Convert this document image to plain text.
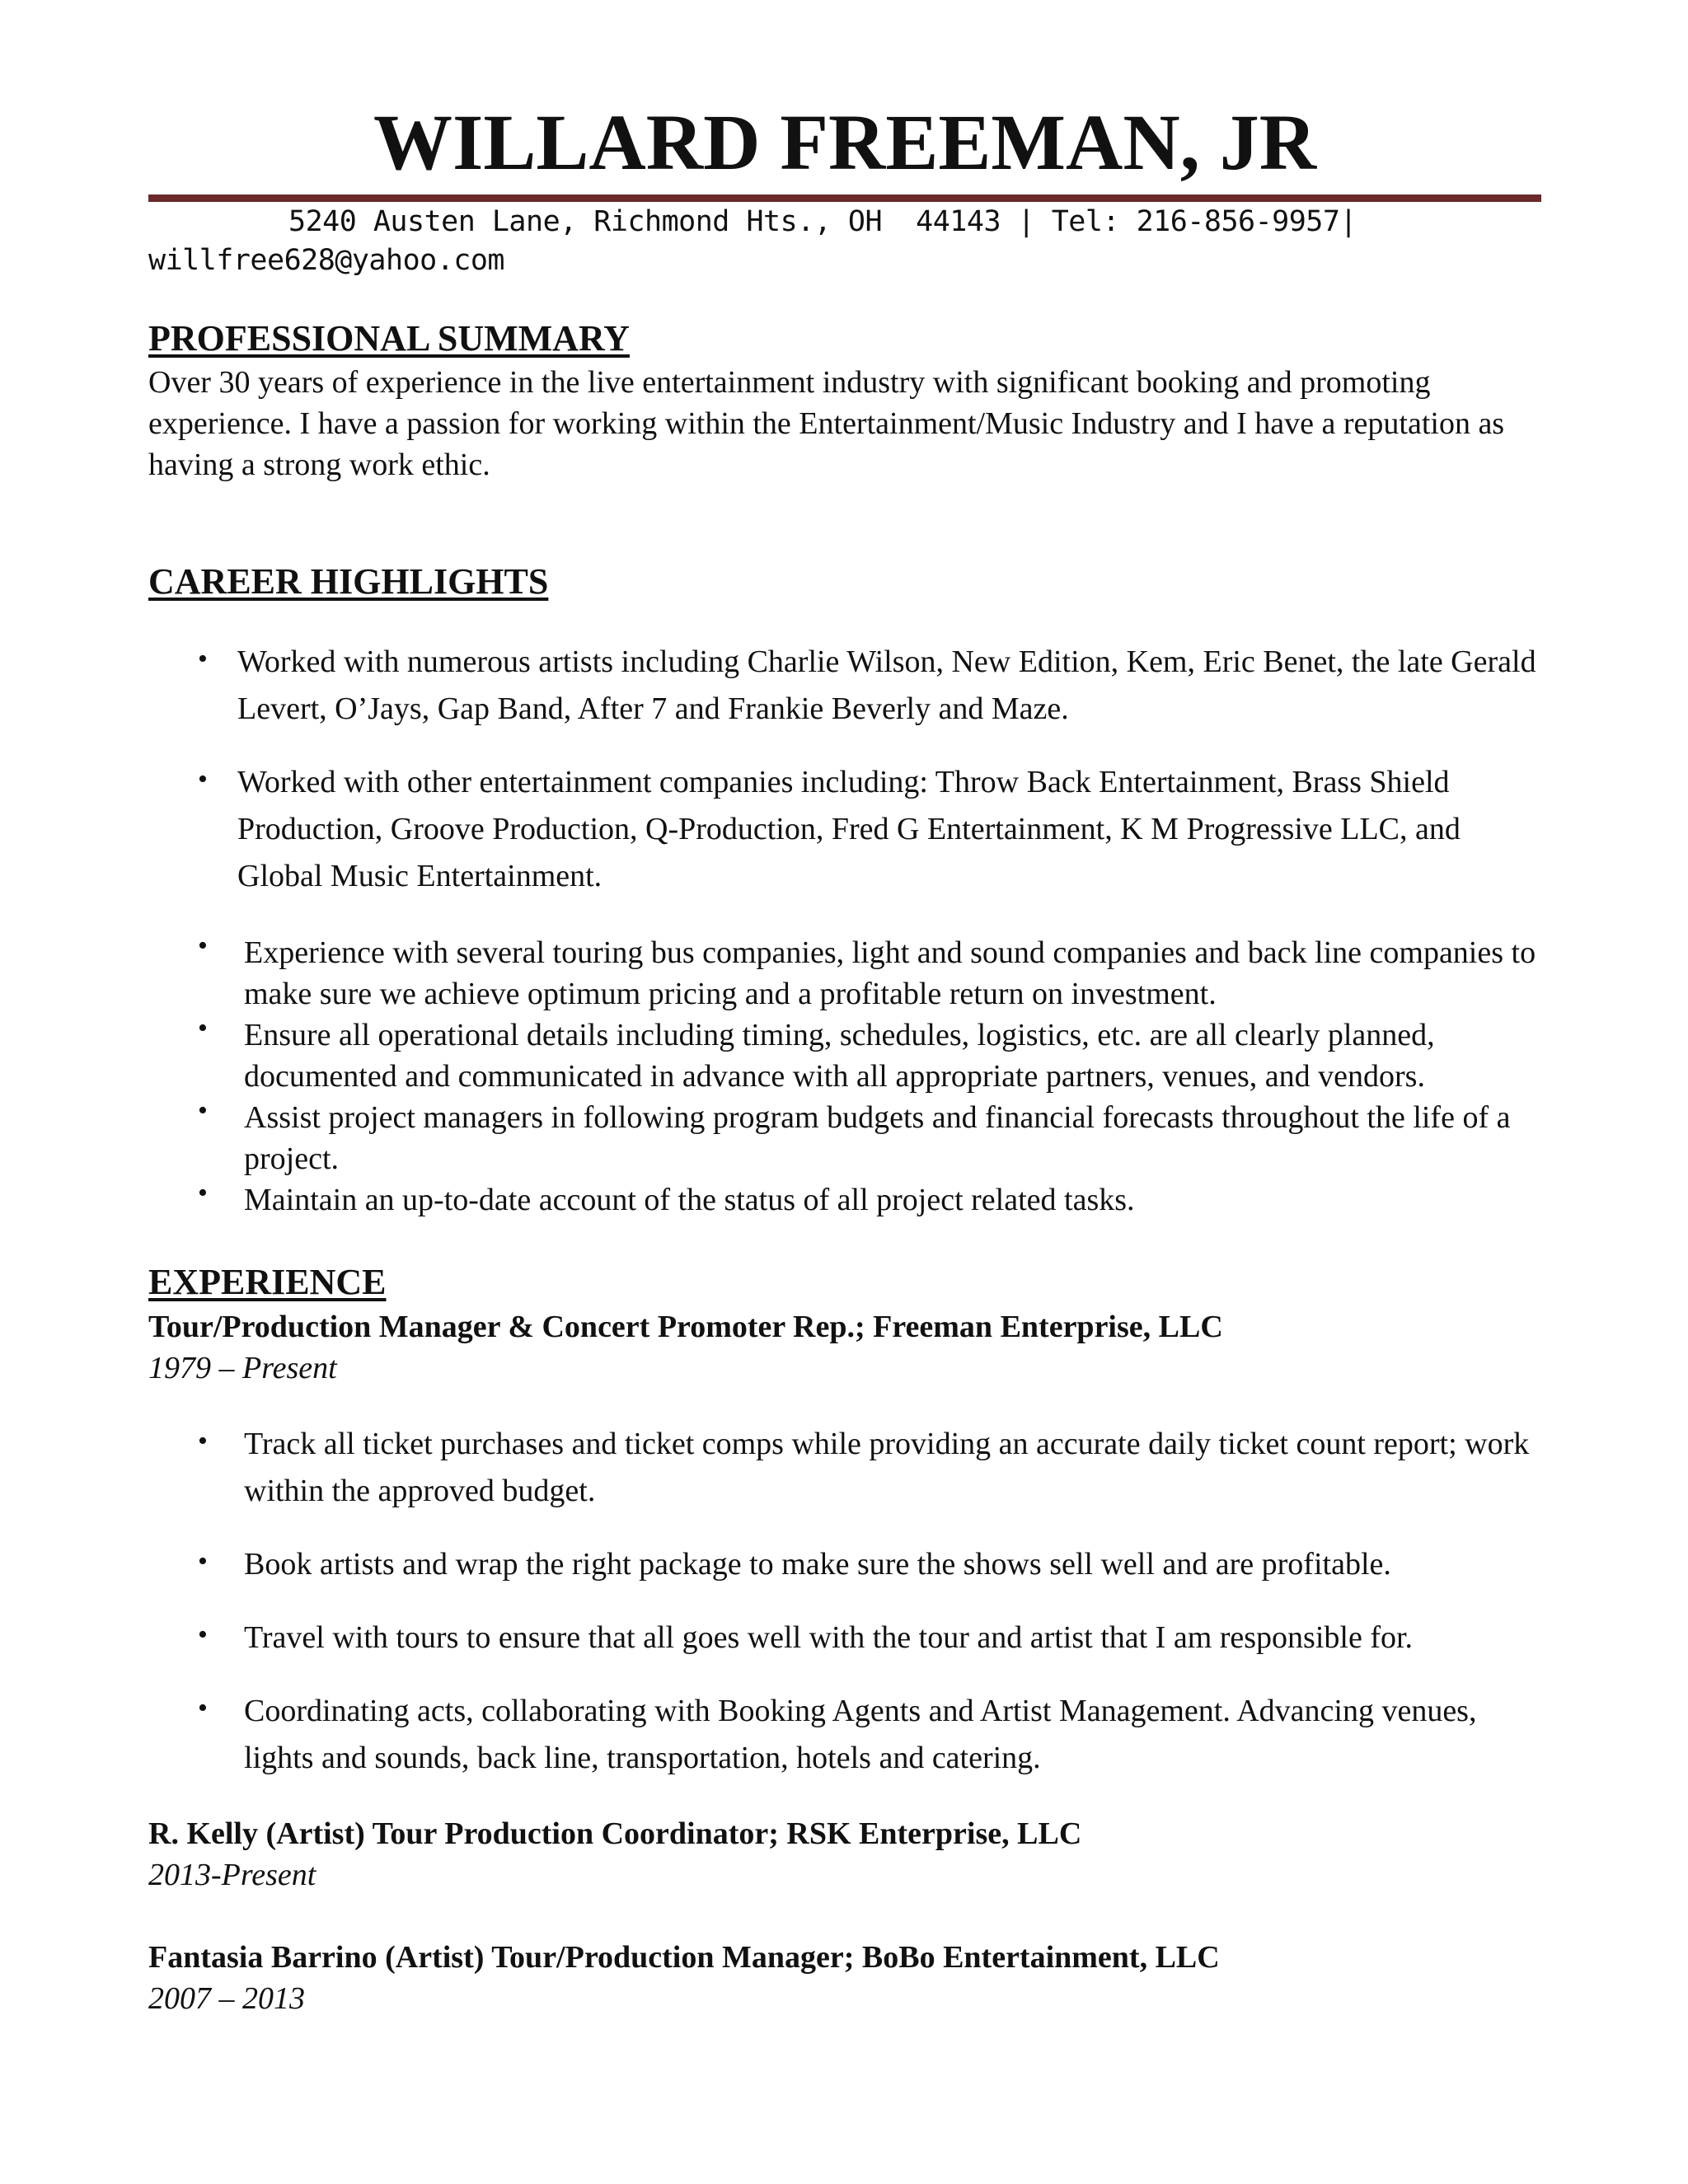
WILLARD FREEMAN, JR
5240 Austen Lane, Richmond Hts., OH  44143 | Tel: 216-856-9957|
willfree628@yahoo.com
PROFESSIONAL SUMMARY

Over 30 years of experience in the live entertainment industry with significant booking and promoting experience. I have a passion for working within the Entertainment/Music Industry and I have a reputation as having a strong work ethic.

CAREER HIGHLIGHTS
• Worked with numerous artists including Charlie Wilson, New Edition, Kem, Eric Benet, the late Gerald Levert, O’Jays, Gap Band, After 7 and Frankie Beverly and Maze.
• Worked with other entertainment companies including: Throw Back Entertainment, Brass Shield Production, Groove Production, Q-Production, Fred G Entertainment, K M Progressive LLC, and Global Music Entertainment.
• Experience with several touring bus companies, light and sound companies and back line companies to make sure we achieve optimum pricing and a profitable return on investment.
• Ensure all operational details including timing, schedules, logistics, etc. are all clearly planned, documented and communicated in advance with all appropriate partners, venues, and vendors.
• Assist project managers in following program budgets and financial forecasts throughout the life of a project.
• Maintain an up-to-date account of the status of all project related tasks.
EXPERIENCE
Tour/Production Manager & Concert Promoter Rep.; Freeman Enterprise, LLC
1979 – Present
• Track all ticket purchases and ticket comps while providing an accurate daily ticket count report; work within the approved budget.
• Book artists and wrap the right package to make sure the shows sell well and are profitable.
• Travel with tours to ensure that all goes well with the tour and artist that I am responsible for.
• Coordinating acts, collaborating with Booking Agents and Artist Management. Advancing venues, lights and sounds, back line, transportation, hotels and catering.
R. Kelly (Artist) Tour Production Coordinator; RSK Enterprise, LLC
2013-Present
Fantasia Barrino (Artist) Tour/Production Manager; BoBo Entertainment, LLC
2007 – 2013
